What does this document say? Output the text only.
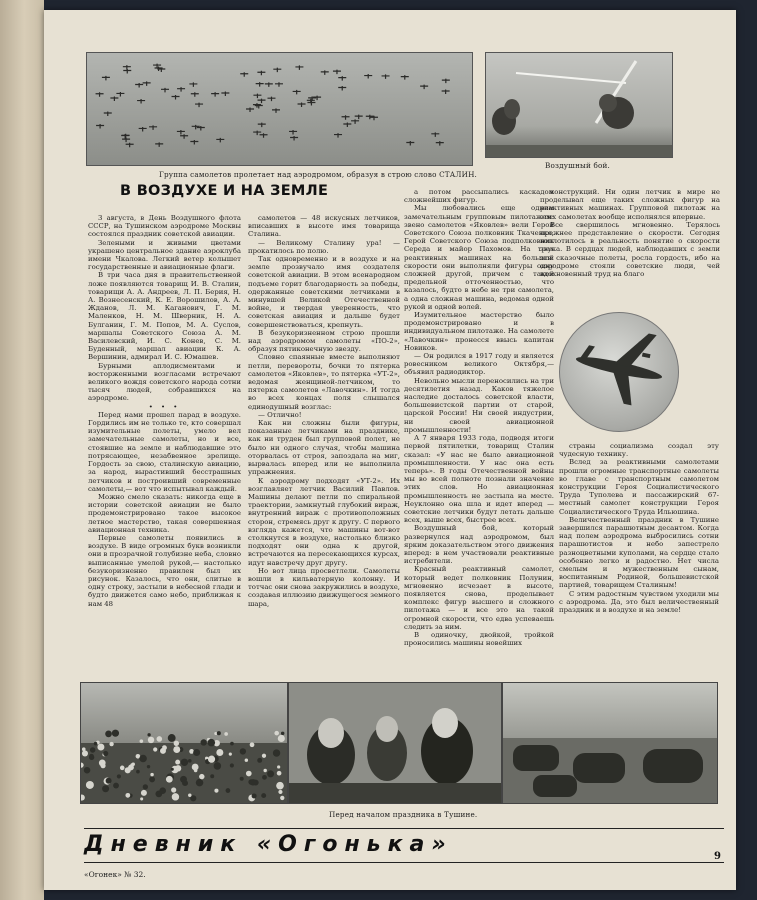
Группа самолетов пролетает над аэродромом, образуя в строю слово СТАЛИН.
Воздушный бой.
В ВОЗДУХЕ И НА ЗЕМЛЕ

3 августа, в День Воздушного флота СССР, на Тушинском аэродроме Москвы состоялся праздник советской авиации.

Зелеными и живыми цветами украшено центральное здание аэроклуба имени Чкалова. Легкий ветер колышет государственные и авиационные флаги.

В три часа дня в правительственной ложе появляются товарищ И. В. Сталин, товарищи А. А. Андреев, Л. П. Берия, Н. А. Вознесенский, К. Е. Ворошилов, А. А. Жданов, Л. М. Каганович, Г. М. Маленков, Н. М. Шверник, Н. А. Булганин, Г. М. Попов, М. А. Суслов, маршалы Советского Союза А. М. Василевский, И. С. Конев, С. М. Буденный, маршал авиации К. А. Вершинин, адмирал И. С. Юмашев.

Бурными аплодисментами и восторженными возгласами встречают великого вождя советского народа сотни тысяч людей, собравшихся на аэродроме.

• • •

Перед нами прошел парад в воздухе. Гордились им не только те, кто совершал изумительные полеты, умело вел замечательные самолеты, но и все, стоявшие на земле и наблюдавшие это потрясающее, незабвенное зрелище. Гордость за свою, сталинскую авиацию, за народ, вырастивший бесстрашных летчиков и построивший современные самолеты,— вот что испытывал каждый.

Можно смело сказать: никогда еще в истории советской авиации не было продемонстрировано такое высокое летное мастерство, такая совершенная авиационная техника.

Первые самолеты появились в воздухе. В виде огромных букв возникли они в прозрачной голубизне неба, словно выписанные умелой рукой,— настолько безукоризненно правилен был их рисунок. Казалось, что они, слитые в одну строку, застыли в небесной глади и будто движется само небо, приближая к нам 48

самолетов — 48 искусных летчиков, вписавших в высоте имя товарища Сталина.

— Великому Сталину ура! — прокатилось по полю.

Так одновременно и в воздухе и на земле прозвучало имя создателя советской авиации. В этом всенародном подъеме горит благодарность за победы, одержанные советскими летчиками в минувшей Великой Отечественной войне, и твердая уверенность, что советская авиация и дальше будет совершенствоваться, крепнуть.

В безукоризненном строю прошли над аэродромом самолеты «ПО-2», образуя пятиконечную звезду.

Словно спаянные вместе выполняют петли, перевороты, бочки то пятерка самолетов «Яковлев», то пятерка «УТ-2», ведомая женщиной-летчиком, то пятерка самолетов «Лавочкин». И тогда во всех концах поля слышался единодушный возглас:

— Отлично!

Как ни сложны были фигуры, показанные летчиками на празднике, как ни труден был групповой полет, не было ни одного случая, чтобы машина оторвалась от строя, запоздала на миг, вырвалась вперед или не выполнила упражнения.

К аэродрому подходят «УТ-2». Их возглавляет летчик Василий Павлов. Машины делают петли по спиральной траектории, замкнутый глубокий вираж, внутренний вираж с противоположных сторон, стремясь друг к другу. С первого взгляда кажется, что машины вот-вот столкнутся в воздухе, настолько близко подходят они одна к другой, встречаются на пересекающихся курсах, идут навстречу друг другу.

Но вот лица просветлели. Самолеты вошли в кильватерную колонну. И тотчас они снова закружились в воздухе, создавая иллюзию движущегося земного шара,

а потом рассыпались каскадом сложнейших фигур.

Мы любовались еще одним замечательным групповым пилотажем: звено самолетов «Яковлев» вели Герой Советского Союза полковник Ткаченко, Герой Советского Союза подполковник Середа и майор Пахомов. На трех реактивных машинах на большой скорости они выполняли фигуры одну сложней другой, причем с такой предельной отточенностью, что казалось, будто в небе не три самолета, а одна сложная машина, ведомая одной рукой и одной волей.

Изумительное мастерство было продемонстрировано и в индивидуальном пилотаже. На самолете «Лавочкин» пронесся ввысь капитан Новиков.

— Он родился в 1917 году и является ровесником великого Октября,— объявил радиодиктор.

Невольно мысли переносились на три десятилетия назад. Каков тяжелое наследие досталось советской власти, большевистской партии от старой, царской России! Ни своей индустрии, ни своей авиационной промышленности!

А 7 января 1933 года, подводя итоги первой пятилетки, товарищ Сталин сказал: «У нас не было авиационной промышленности. У нас она есть теперь». В годы Отечественной войны мы во всей полноте познали значение этих слов. Но авиационная промышленность не застыла на месте. Неуклонно она шла и идет вперед — советские летчики будут летать дальше всех, выше всех, быстрее всех.

Воздушный бой, который развернулся над аэродромом, был ярким доказательством этого движения вперед: в нем участвовали реактивные истребители.

Красный реактивный самолет, который ведет полковник Полунин, мгновенно исчезает в высоте, появляется снова, проделывает комплекс фигур высшего и сложного пилотажа — и все это на такой огромной скорости, что едва успеваешь следить за ним.

В одиночку, двойкой, тройкой проносились машины новейших

конструкций. Ни один летчик в мире не проделывал еще таких сложных фигур на реактивных машинах. Групповой пилотаж на этих самолетах вообще исполнялся впервые.

Все свершилось мгновенно. Терялось прежнее представление о скорости. Сегодня воплотилось в реальность понятие о скорости звука. В сердцах людей, наблюдавших с земли эти сказочные полеты, росла гордость, ибо на аэродроме стояли советские люди, чей вдохновенный труд на благо

страны социализма создал эту чудесную технику.

Вслед за реактивными самолетами прошли огромные транспортные самолеты во главе с транспортным самолетом конструкции Героя Социалистического Труда Туполева и пассажирский 67-местный самолет конструкции Героя Социалистического Труда Ильюшина.

Величественный праздник в Тушине завершился парашютным десантом. Когда над полем аэродрома выбросились сотни парашютистов и небо запестрело разноцветными куполами, на сердце стало особенно легко и радостно. Нет числа смелым и мужественным сынам, воспитанным Родиной, большевистской партией, товарищем Сталиным!

С этим радостным чувством уходили мы с аэродрома. Да, это был величественный праздник и в воздухе и на земле!

Перед началом праздника в Тушине.
Дневник «Огонька»	9
«Огонек» № 32.
